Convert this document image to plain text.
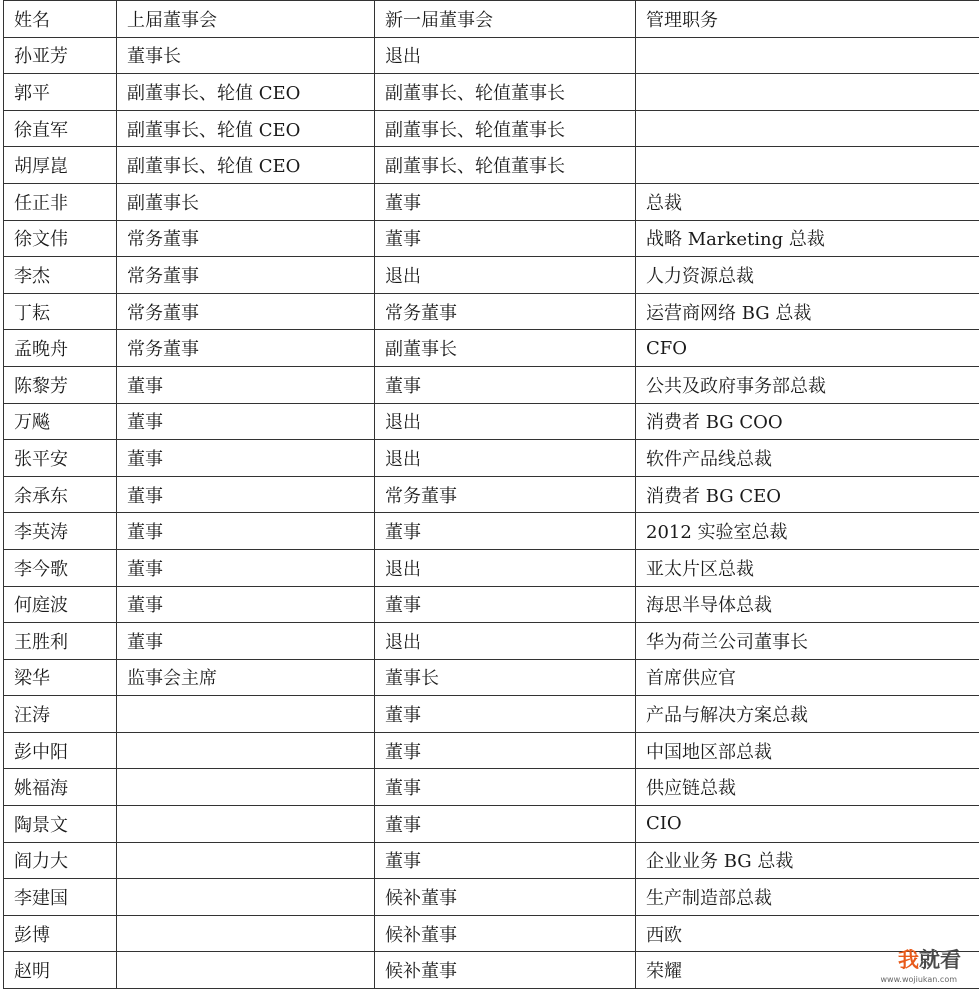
姓名	上届董事会	新一届董事会	管理职务
孙亚芳	董事长	退出	
郭平	副董事长、轮值 CEO	副董事长、轮值董事长	
徐直军	副董事长、轮值 CEO	副董事长、轮值董事长	
胡厚崑	副董事长、轮值 CEO	副董事长、轮值董事长	
任正非	副董事长	董事	总裁
徐文伟	常务董事	董事	战略 Marketing 总裁
李杰	常务董事	退出	人力资源总裁
丁耘	常务董事	常务董事	运营商网络 BG 总裁
孟晚舟	常务董事	副董事长	CFO
陈黎芳	董事	董事	公共及政府事务部总裁
万飚	董事	退出	消费者 BG COO
张平安	董事	退出	软件产品线总裁
余承东	董事	常务董事	消费者 BG CEO
李英涛	董事	董事	2012 实验室总裁
李今歌	董事	退出	亚太片区总裁
何庭波	董事	董事	海思半导体总裁
王胜利	董事	退出	华为荷兰公司董事长
梁华	监事会主席	董事长	首席供应官
汪涛		董事	产品与解决方案总裁
彭中阳		董事	中国地区部总裁
姚福海		董事	供应链总裁
陶景文		董事	CIO
阎力大		董事	企业业务 BG 总裁
李建国		候补董事	生产制造部总裁
彭博		候补董事	西欧
赵明		候补董事	荣耀	我就看
www.wojiukan.com
